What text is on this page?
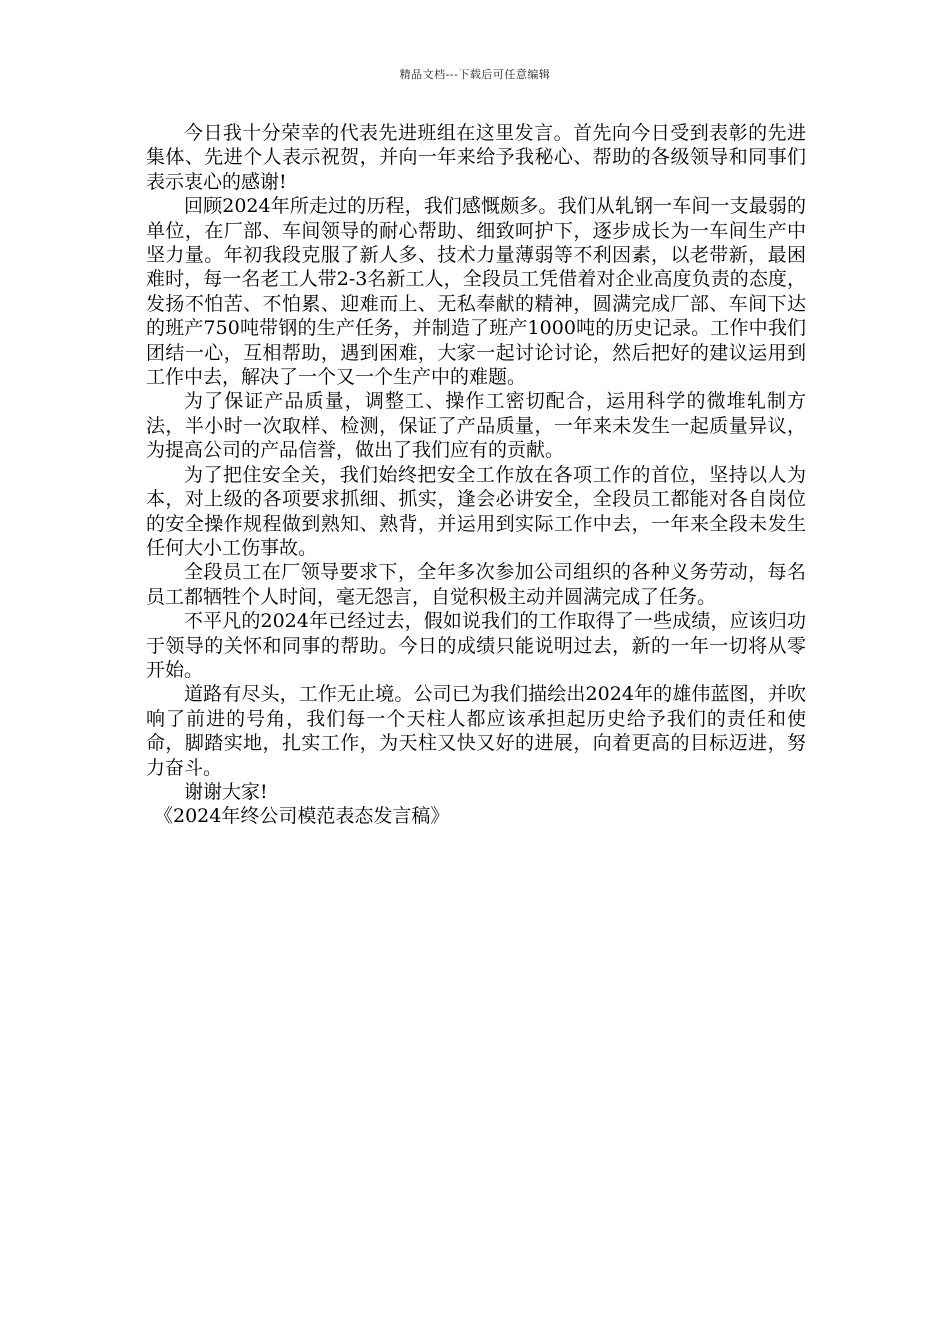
精品文档---下载后可任意编辑

今日我十分荣幸的代表先进班组在这里发言。首先向今日受到表彰的先进集体、先进个人表示祝贺，并向一年来给予我秘心、帮助的各级领导和同事们表示衷心的感谢!

回顾2024年所走过的历程，我们感慨颇多。我们从轧钢一车间一支最弱的单位，在厂部、车间领导的耐心帮助、细致呵护下，逐步成长为一车间生产中坚力量。年初我段克服了新人多、技术力量薄弱等不利因素，以老带新，最困难时，每一名老工人带2-3名新工人，全段员工凭借着对企业高度负责的态度，发扬不怕苦、不怕累、迎难而上、无私奉献的精神，圆满完成厂部、车间下达的班产750吨带钢的生产任务，并制造了班产1000吨的历史记录。工作中我们团结一心，互相帮助，遇到困难，大家一起讨论讨论，然后把好的建议运用到工作中去，解决了一个又一个生产中的难题。

为了保证产品质量，调整工、操作工密切配合，运用科学的微堆轧制方法，半小时一次取样、检测，保证了产品质量，一年来未发生一起质量异议，为提高公司的产品信誉，做出了我们应有的贡献。

为了把住安全关，我们始终把安全工作放在各项工作的首位，坚持以人为本，对上级的各项要求抓细、抓实，逢会必讲安全，全段员工都能对各自岗位的安全操作规程做到熟知、熟背，并运用到实际工作中去，一年来全段未发生任何大小工伤事故。

全段员工在厂领导要求下，全年多次参加公司组织的各种义务劳动，每名员工都牺牲个人时间，毫无怨言，自觉积极主动并圆满完成了任务。

不平凡的2024年已经过去，假如说我们的工作取得了一些成绩，应该归功于领导的关怀和同事的帮助。今日的成绩只能说明过去，新的一年一切将从零开始。

道路有尽头，工作无止境。公司已为我们描绘出2024年的雄伟蓝图，并吹响了前进的号角，我们每一个天柱人都应该承担起历史给予我们的责任和使命，脚踏实地，扎实工作，为天柱又快又好的进展，向着更高的目标迈进，努力奋斗。

谢谢大家!

《2024年终公司模范表态发言稿》
